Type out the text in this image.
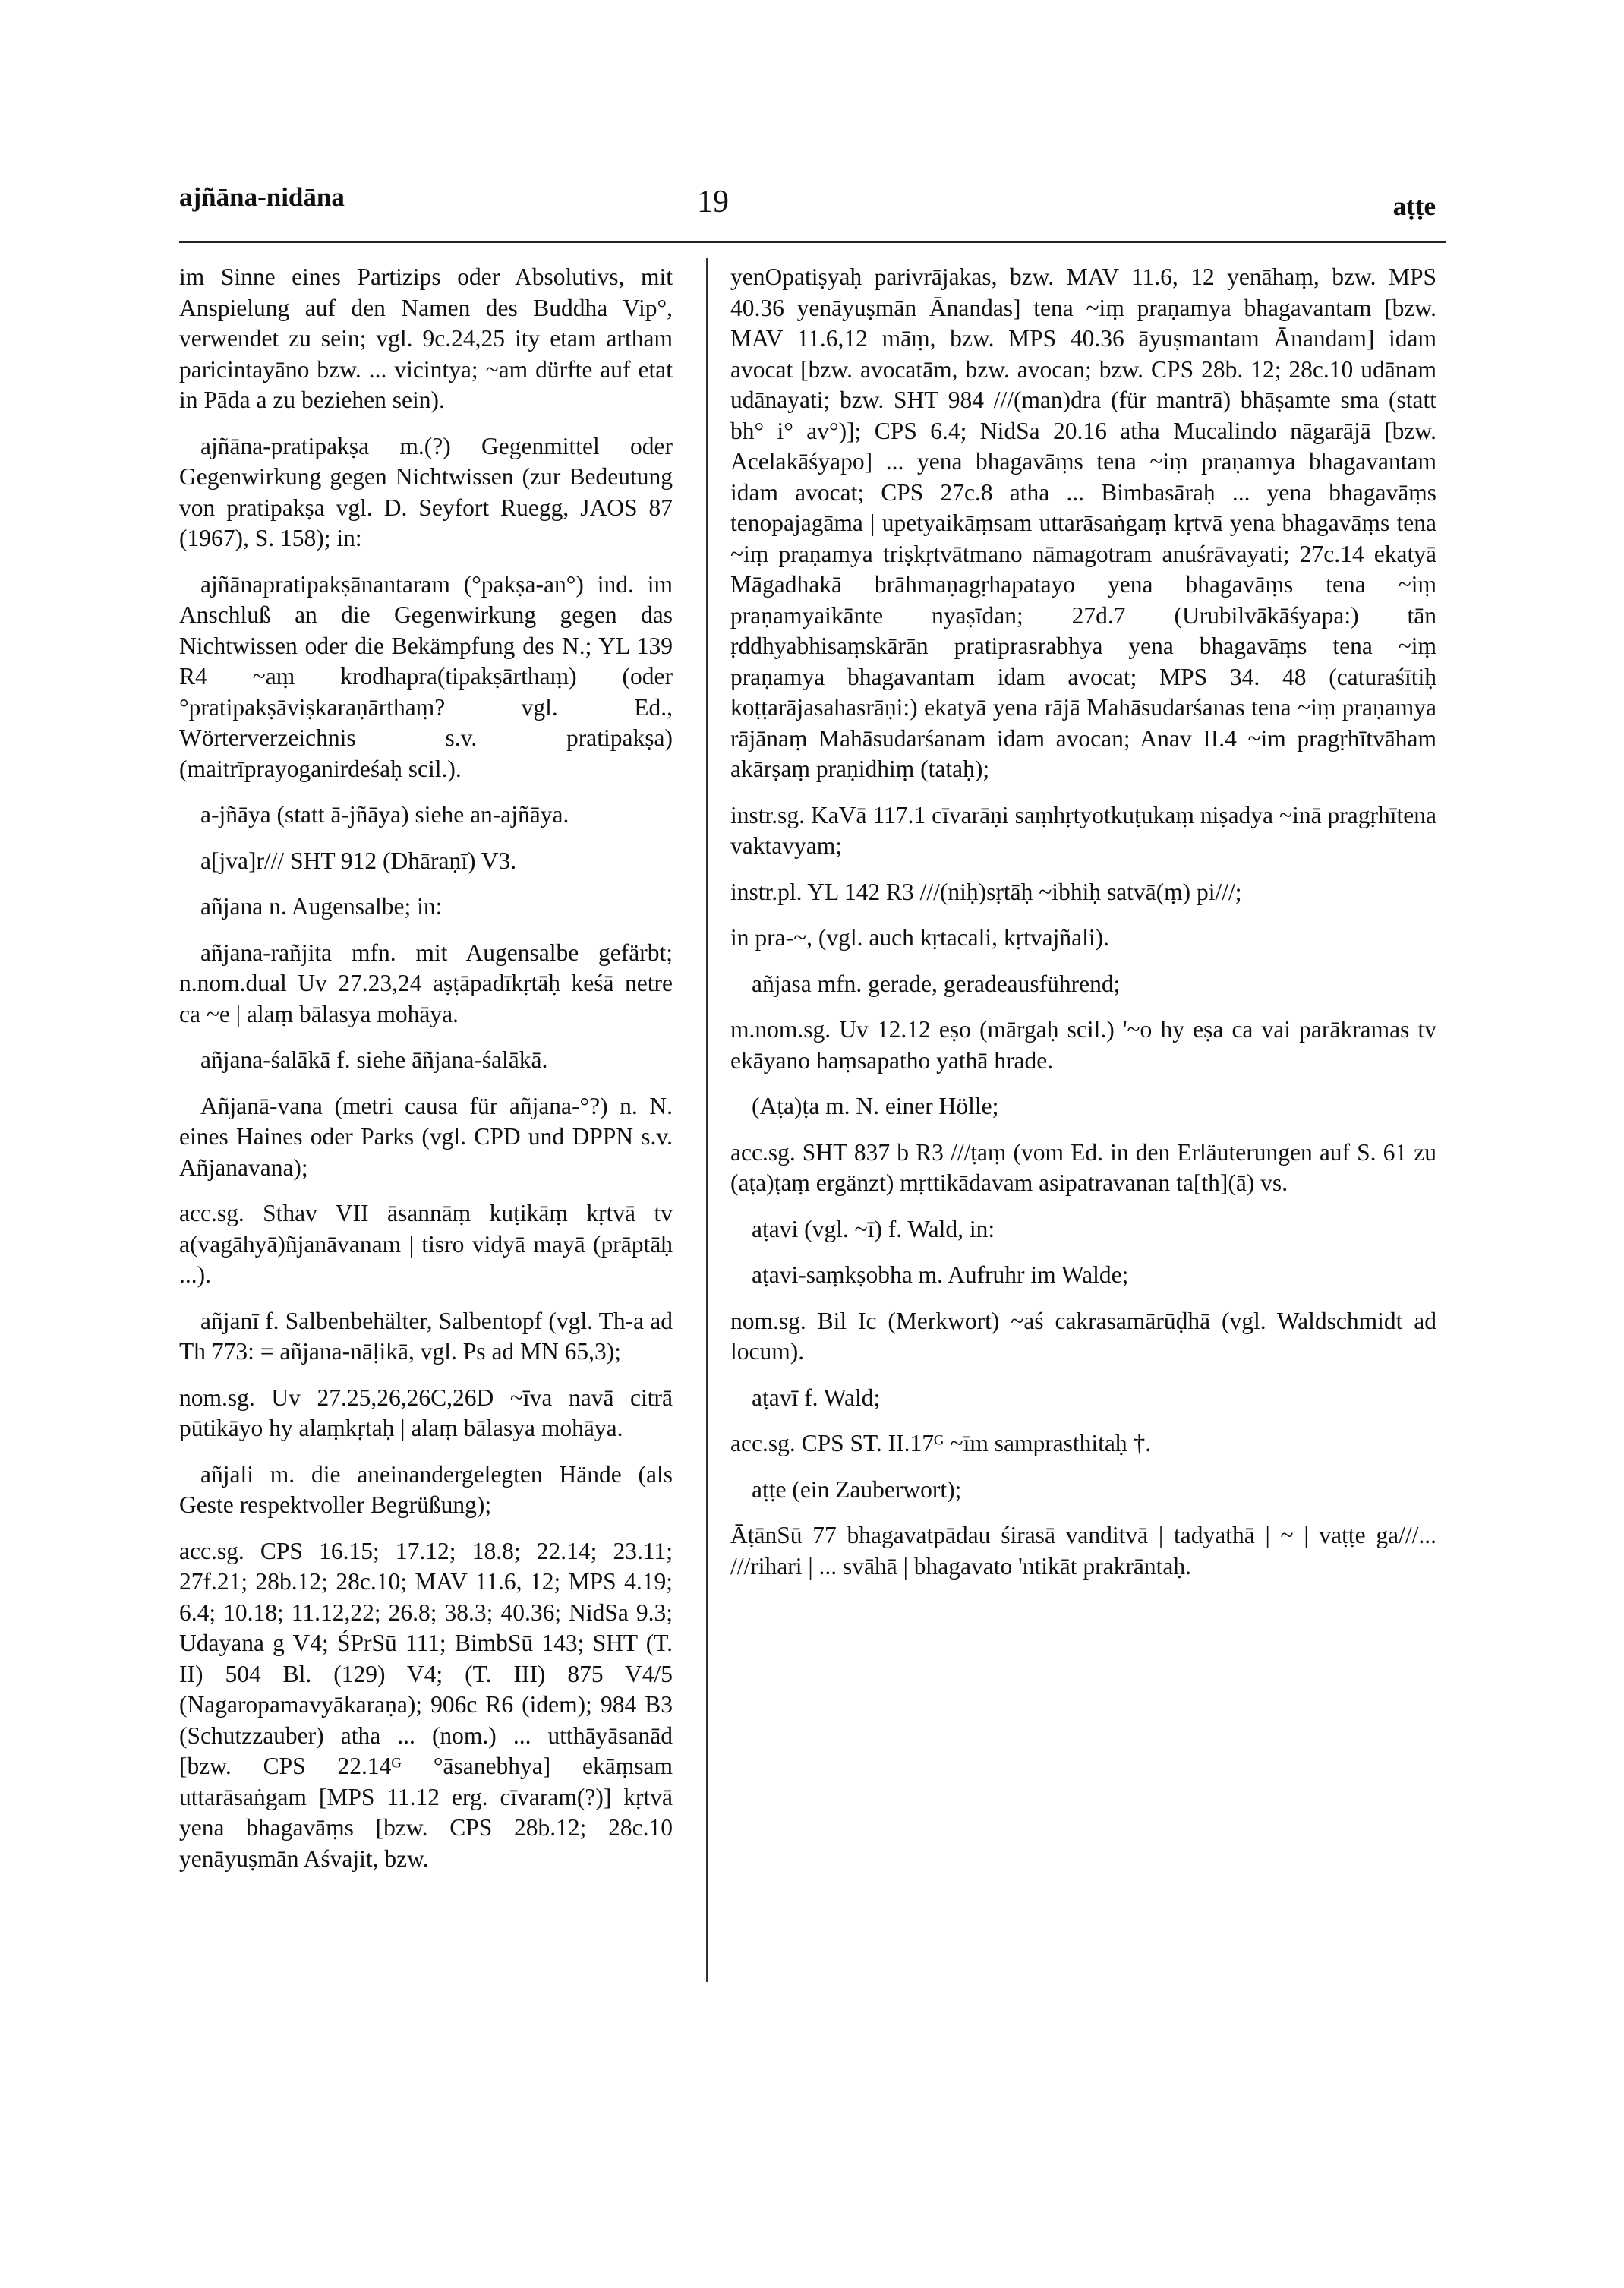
ajñāna-nidāna	19	aṭṭe

im Sinne eines Partizips oder Absolutivs, mit Anspielung auf den Namen des Buddha Vip°, verwendet zu sein; vgl. 9c.24,25 ity etam artham paricintayāno bzw. ... vicintya; ~am dürfte auf etat in Pāda a zu beziehen sein).

ajñāna-pratipakṣa m.(?) Gegenmittel oder Gegenwirkung gegen Nichtwissen (zur Bedeutung von pratipakṣa vgl. D. Seyfort Ruegg, JAOS 87 (1967), S. 158); in:

ajñānapratipakṣānantaram (°pakṣa-an°) ind. im Anschluß an die Gegenwirkung gegen das Nichtwissen oder die Bekämpfung des N.; YL 139 R4 ~aṃ krodhapra(tipakṣārthaṃ) (oder °pratipakṣāviṣkaraṇārthaṃ? vgl. Ed., Wörterverzeichnis s.v. pratipakṣa) (maitrīprayoganirdeśaḥ scil.).

a-jñāya (statt ā-jñāya) siehe an-ajñāya.

a[jva]r/// SHT 912 (Dhāraṇī) V3.

añjana n. Augensalbe; in:

añjana-rañjita mfn. mit Augensalbe gefärbt; n.nom.dual Uv 27.23,24 aṣṭāpadīkṛtāḥ keśā netre ca ~e | alaṃ bālasya mohāya.

añjana-śalākā f. siehe āñjana-śalākā.

Añjanā-vana (metri causa für añjana-°?) n. N. eines Haines oder Parks (vgl. CPD und DPPN s.v. Añjanavana);

acc.sg. Sthav VII āsannāṃ kuṭikāṃ kṛtvā tv a(vagāhyā)ñjanāvanam | tisro vidyā mayā (prāptāḥ ...).

añjanī f. Salbenbehälter, Salbentopf (vgl. Th-a ad Th 773: = añjana-nāḷikā, vgl. Ps ad MN 65,3);

nom.sg. Uv 27.25,26,26C,26D ~īva navā citrā pūtikāyo hy alaṃkṛtaḥ | alaṃ bālasya mohāya.

añjali m. die aneinandergelegten Hände (als Geste respektvoller Begrüßung);

acc.sg. CPS 16.15; 17.12; 18.8; 22.14; 23.11; 27f.21; 28b.12; 28c.10; MAV 11.6, 12; MPS 4.19; 6.4; 10.18; 11.12,22; 26.8; 38.3; 40.36; NidSa 9.3; Udayana g V4; ŚPrSū 111; BimbSū 143; SHT (T. II) 504 Bl. (129) V4; (T. III) 875 V4/5 (Nagaropamavyākaraṇa); 906c R6 (idem); 984 B3 (Schutzzauber) atha ... (nom.) ... utthāyāsanād [bzw. CPS 22.14ᴳ °āsanebhya] ekāṃsam uttarāsaṅgam [MPS 11.12 erg. cīvaram(?)] kṛtvā yena bhagavāṃs [bzw. CPS 28b.12; 28c.10 yenāyuṣmān Aśvajit, bzw.

yenOpatiṣyaḥ parivrājakas, bzw. MAV 11.6, 12 yenāhaṃ, bzw. MPS 40.36 yenāyuṣmān Ānandas] tena ~iṃ praṇamya bhagavantam [bzw. MAV 11.6,12 māṃ, bzw. MPS 40.36 āyuṣmantam Ānandam] idam avocat [bzw. avocatām, bzw. avocan; bzw. CPS 28b. 12; 28c.10 udānam udānayati; bzw. SHT 984 ///(man)dra (für mantrā) bhāṣamte sma (statt bh° i° av°)]; CPS 6.4; NidSa 20.16 atha Mucalindo nāgarājā [bzw. Acelakāśyapo] ... yena bhagavāṃs tena ~iṃ praṇamya bhagavantam idam avocat; CPS 27c.8 atha ... Bimbasāraḥ ... yena bhagavāṃs tenopajagāma | upetyaikāṃsam uttarāsaṅgaṃ kṛtvā yena bhagavāṃs tena ~iṃ praṇamya triṣkṛtvātmano nāmagotram anuśrāvayati; 27c.14 ekatyā Māgadhakā brāhmaṇagṛhapatayo yena bhagavāṃs tena ~iṃ praṇamyaikānte nyaṣīdan; 27d.7 (Urubilvākāśyapa:) tān ṛddhyabhisaṃskārān pratiprasrabhya yena bhagavāṃs tena ~iṃ praṇamya bhagavantam idam avocat; MPS 34. 48 (caturaśītiḥ koṭṭarājasahasrāṇi:) ekatyā yena rājā Mahāsudarśanas tena ~iṃ praṇamya rājānaṃ Mahāsudarśanam idam avocan; Anav II.4 ~im pragṛhītvāham akārṣaṃ praṇidhiṃ (tataḥ);

instr.sg. KaVā 117.1 cīvarāṇi saṃhṛtyotkuṭukaṃ niṣadya ~inā pragṛhītena vaktavyam;

instr.pl. YL 142 R3 ///(niḥ)sṛtāḥ ~ibhiḥ satvā(ṃ) pi///;

in pra-~, (vgl. auch kṛtacali, kṛtvajñali).

añjasa mfn. gerade, geradeausführend;

m.nom.sg. Uv 12.12 eṣo (mārgaḥ scil.) '~o hy eṣa ca vai parākramas tv ekāyano haṃsapatho yathā hrade.

(Aṭa)ṭa m. N. einer Hölle;

acc.sg. SHT 837 b R3 ///ṭaṃ (vom Ed. in den Erläuterungen auf S. 61 zu (aṭa)ṭaṃ ergänzt) mṛttikādavam asipatravanan ta[th](ā) vs.

aṭavi (vgl. ~ī) f. Wald, in:

aṭavi-saṃkṣobha m. Aufruhr im Walde;

nom.sg. Bil Ic (Merkwort) ~aś cakrasamārūḍhā (vgl. Waldschmidt ad locum).

aṭavī f. Wald;

acc.sg. CPS ST. II.17ᴳ ~īm samprasthitaḥ †.

aṭṭe (ein Zauberwort);

ĀṭānSū 77 bhagavatpādau śirasā vanditvā | tadyathā | ~ | vaṭṭe ga///... ///rihari | ... svāhā | bhagavato 'ntikāt prakrāntaḥ.
